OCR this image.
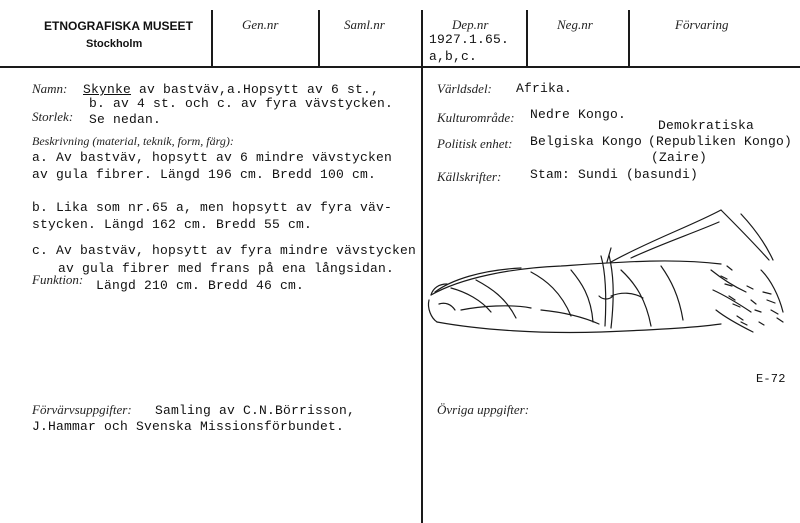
ETNOGRAFISKA MUSEET
Stockholm
Gen.nr	Saml.nr	Dep.nr
1927.1.65.
a,b,c.
Neg.nr	Förvaring
Namn: Skynke av bastväv,a.Hopsytt av 6 st.,
b. av 4 st. och c. av fyra vävstycken.
Storlek: Se nedan.
Beskrivning (material, teknik, form, färg):
a. Av bastväv, hopsytt av 6 mindre vävstycken
av gula fibrer. Längd 196 cm. Bredd 100 cm.
b. Lika som nr.65 a, men hopsytt av fyra väv-
stycken. Längd 162 cm. Bredd 55 cm.
c. Av bastväv, hopsytt av fyra mindre vävstycken
av gula fibrer med frans på ena långsidan.
Funktion: Längd 210 cm. Bredd 46 cm.
Förvärvsuppgifter: Samling av C.N.Börrisson,
J.Hammar och Svenska Missionsförbundet.
Världsdel: Afrika.
Kulturområde: Nedre Kongo.
Demokratiska
Politisk enhet: Belgiska Kongo (Republiken Kongo)
(Zaire)
Källskrifter: Stam: Sundi (basundi)
E-72
Övriga uppgifter:
